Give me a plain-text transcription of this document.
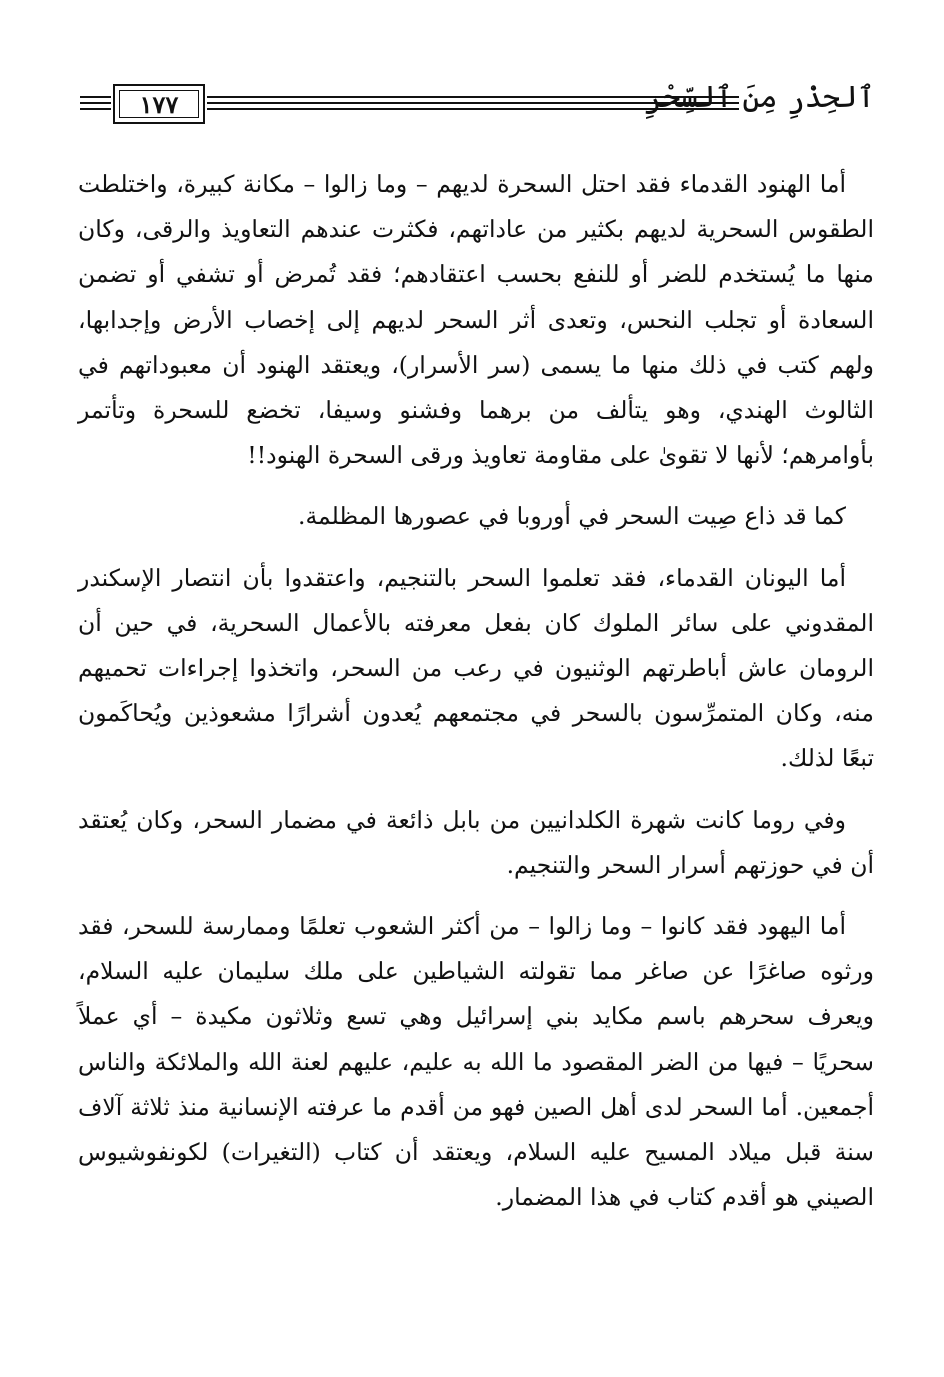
١٧٧	ٱلحِذْرِ مِنَ ٱلسِّحْرِ

أما الهنود القدماء فقد احتل السحرة لديهم – وما زالوا – مكانة كبيرة، واختلطت الطقوس السحرية لديهم بكثير من عاداتهم، فكثرت عندهم التعاويذ والرقى، وكان منها ما يُستخدم للضر أو للنفع بحسب اعتقادهم؛ فقد تُمرض أو تشفي أو تضمن السعادة أو تجلب النحس، وتعدى أثر السحر لديهم إلى إخصاب الأرض وإجدابها، ولهم كتب في ذلك منها ما يسمى (سر الأسرار)، ويعتقد الهنود أن معبوداتهم في الثالوث الهندي، وهو يتألف من برهما وفشنو وسيفا، تخضع للسحرة وتأتمر بأوامرهم؛ لأنها لا تقوىٰ على مقاومة تعاويذ ورقى السحرة الهنود!!

كما قد ذاع صِيت السحر في أوروبا في عصورها المظلمة.

أما اليونان القدماء، فقد تعلموا السحر بالتنجيم، واعتقدوا بأن انتصار الإسكندر المقدوني على سائر الملوك كان بفعل معرفته بالأعمال السحرية، في حين أن الرومان عاش أباطرتهم الوثنيون في رعب من السحر، واتخذوا إجراءات تحميهم منه، وكان المتمرِّسون بالسحر في مجتمعهم يُعدون أشرارًا مشعوذين ويُحاكَمون تبعًا لذلك.

وفي روما كانت شهرة الكلدانيين من بابل ذائعة في مضمار السحر، وكان يُعتقد أن في حوزتهم أسرار السحر والتنجيم.

أما اليهود فقد كانوا – وما زالوا – من أكثر الشعوب تعلمًا وممارسة للسحر، فقد ورثوه صاغرًا عن صاغر مما تقولته الشياطين على ملك سليمان عليه السلام، ويعرف سحرهم باسم مكايد بني إسرائيل وهي تسع وثلاثون مكيدة – أي عملاً سحريًا – فيها من الضر المقصود ما الله به عليم، عليهم لعنة الله والملائكة والناس أجمعين. أما السحر لدى أهل الصين فهو من أقدم ما عرفته الإنسانية منذ ثلاثة آلاف سنة قبل ميلاد المسيح عليه السلام، ويعتقد أن كتاب (التغيرات) لكونفوشيوس الصيني هو أقدم كتاب في هذا المضمار.
